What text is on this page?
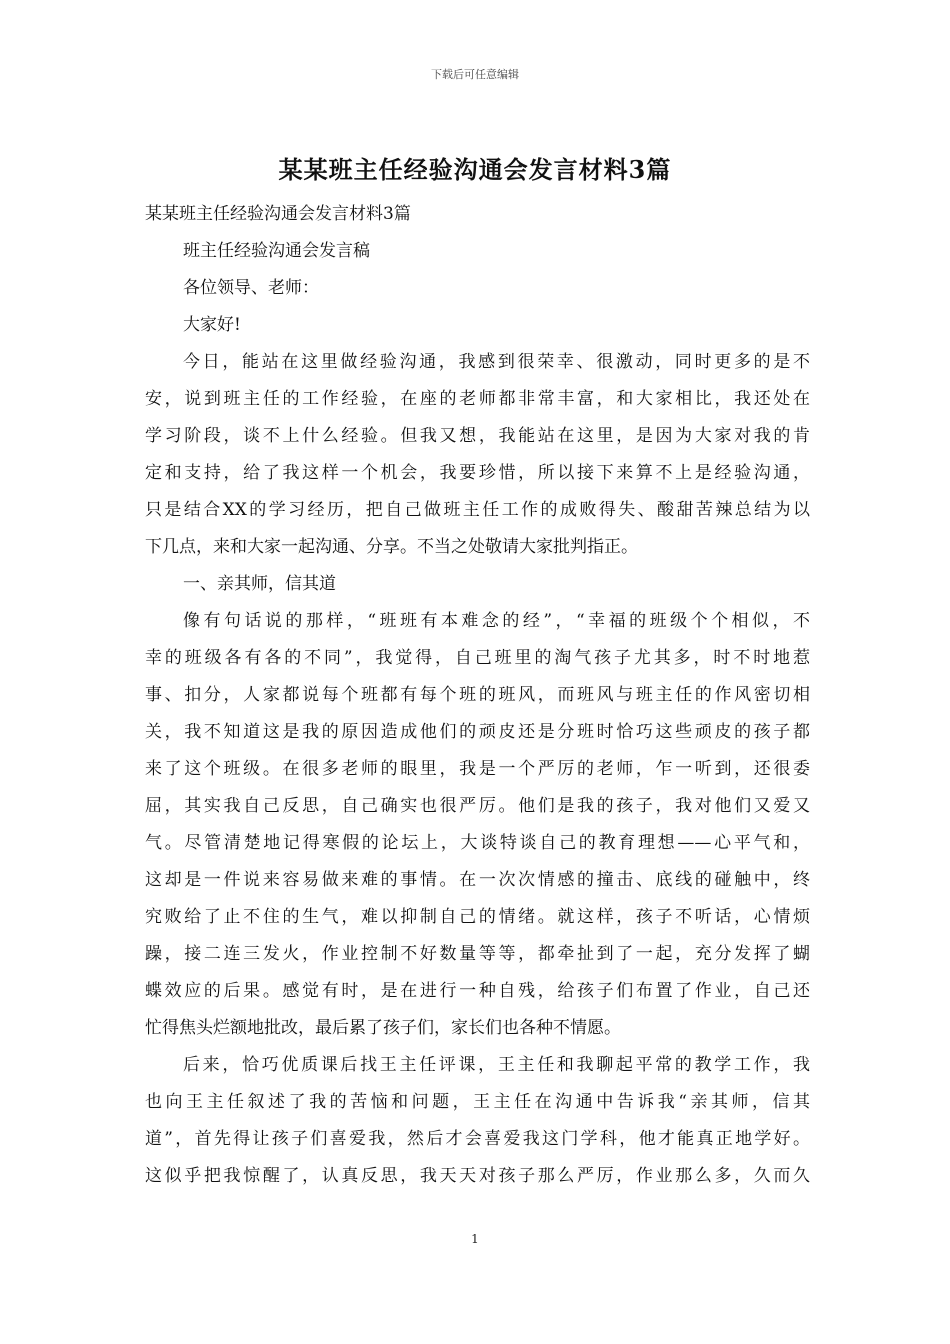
下载后可任意编辑
某某班主任经验沟通会发言材料3篇
某某班主任经验沟通会发言材料3篇
班主任经验沟通会发言稿
各位领导、老师：
大家好!
今日，能站在这里做经验沟通，我感到很荣幸、很激动，同时更多的是不
安，说到班主任的工作经验，在座的老师都非常丰富，和大家相比，我还处在
学习阶段，谈不上什么经验。但我又想，我能站在这里，是因为大家对我的肯
定和支持，给了我这样一个机会，我要珍惜，所以接下来算不上是经验沟通，
只是结合XX的学习经历，把自己做班主任工作的成败得失、酸甜苦辣总结为以
下几点，来和大家一起沟通、分享。不当之处敬请大家批判指正。
一、亲其师，信其道
像有句话说的那样，“班班有本难念的经”，“幸福的班级个个相似，不
幸的班级各有各的不同”，我觉得，自己班里的淘气孩子尤其多，时不时地惹
事、扣分，人家都说每个班都有每个班的班风，而班风与班主任的作风密切相
关，我不知道这是我的原因造成他们的顽皮还是分班时恰巧这些顽皮的孩子都
来了这个班级。在很多老师的眼里，我是一个严厉的老师，乍一听到，还很委
屈，其实我自己反思，自己确实也很严厉。他们是我的孩子，我对他们又爱又
气。尽管清楚地记得寒假的论坛上，大谈特谈自己的教育理想——心平气和，
这却是一件说来容易做来难的事情。在一次次情感的撞击、底线的碰触中，终
究败给了止不住的生气，难以抑制自己的情绪。就这样，孩子不听话，心情烦
躁，接二连三发火，作业控制不好数量等等，都牵扯到了一起，充分发挥了蝴
蝶效应的后果。感觉有时，是在进行一种自残，给孩子们布置了作业，自己还
忙得焦头烂额地批改，最后累了孩子们，家长们也各种不情愿。
后来，恰巧优质课后找王主任评课，王主任和我聊起平常的教学工作，我
也向王主任叙述了我的苦恼和问题，王主任在沟通中告诉我“亲其师，信其
道”，首先得让孩子们喜爱我，然后才会喜爱我这门学科，他才能真正地学好。
这似乎把我惊醒了，认真反思，我天天对孩子那么严厉，作业那么多，久而久
1
